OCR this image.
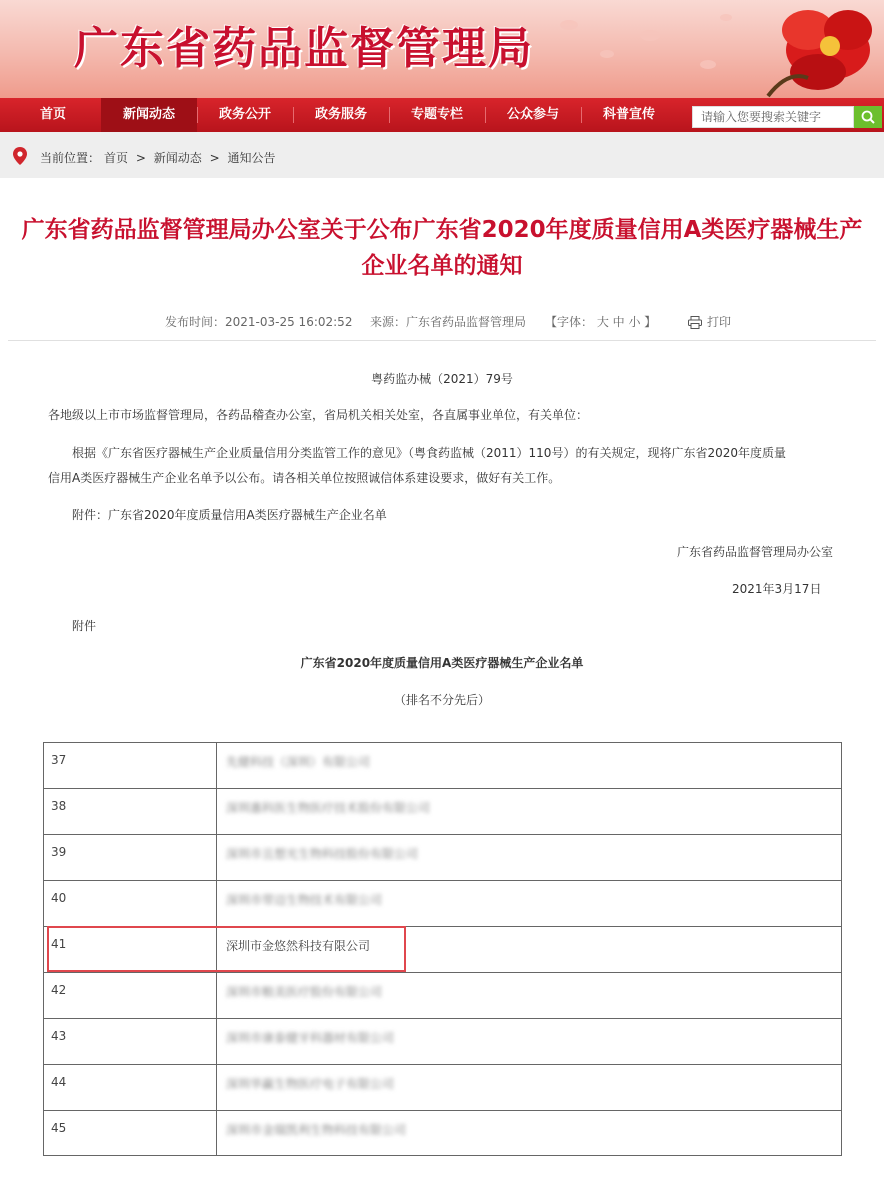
广东省药品监督管理局
首页	新闻动态	政务公开	政务服务	专题专栏	公众参与	科普宣传	请输入您要搜索关键字
当前位置： 首页 > 新闻动态 > 通知公告
广东省药品监督管理局办公室关于公布广东省2020年度质量信用A类医疗器械生产
企业名单的通知
发布时间：2021-03-25 16:02:52 来源：广东省药品监督管理局 【字体： 大 中 小 】	打印
粤药监办械（2021）79号
各地级以上市市场监督管理局，各药品稽查办公室，省局机关相关处室，各直属事业单位，有关单位：
根据《广东省医疗器械生产企业质量信用分类监管工作的意见》（粤食药监械（2011）110号）的有关规定，现将广东省2020年度质量
信用A类医疗器械生产企业名单予以公布。请各相关单位按照诚信体系建设要求，做好有关工作。
附件：广东省2020年度质量信用A类医疗器械生产企业名单
广东省药品监督管理局办公室
2021年3月17日
附件
广东省2020年度质量信用A类医疗器械生产企业名单
（排名不分先后）
37	先健科技（深圳）有限公司
38	深圳惠科医生物医疗技术股份有限公司
39	深圳市且想光生物科技股份有限公司
40	深圳市带迈生物技术有限公司
41	深圳市金悠然科技有限公司
42	深圳市粮美医疗股份有限公司
43	深圳市康泰健牙科器材有限公司
44	深圳华赢生物医疗电子有限公司
45	深圳市金瑞凯利生物科技有限公司
